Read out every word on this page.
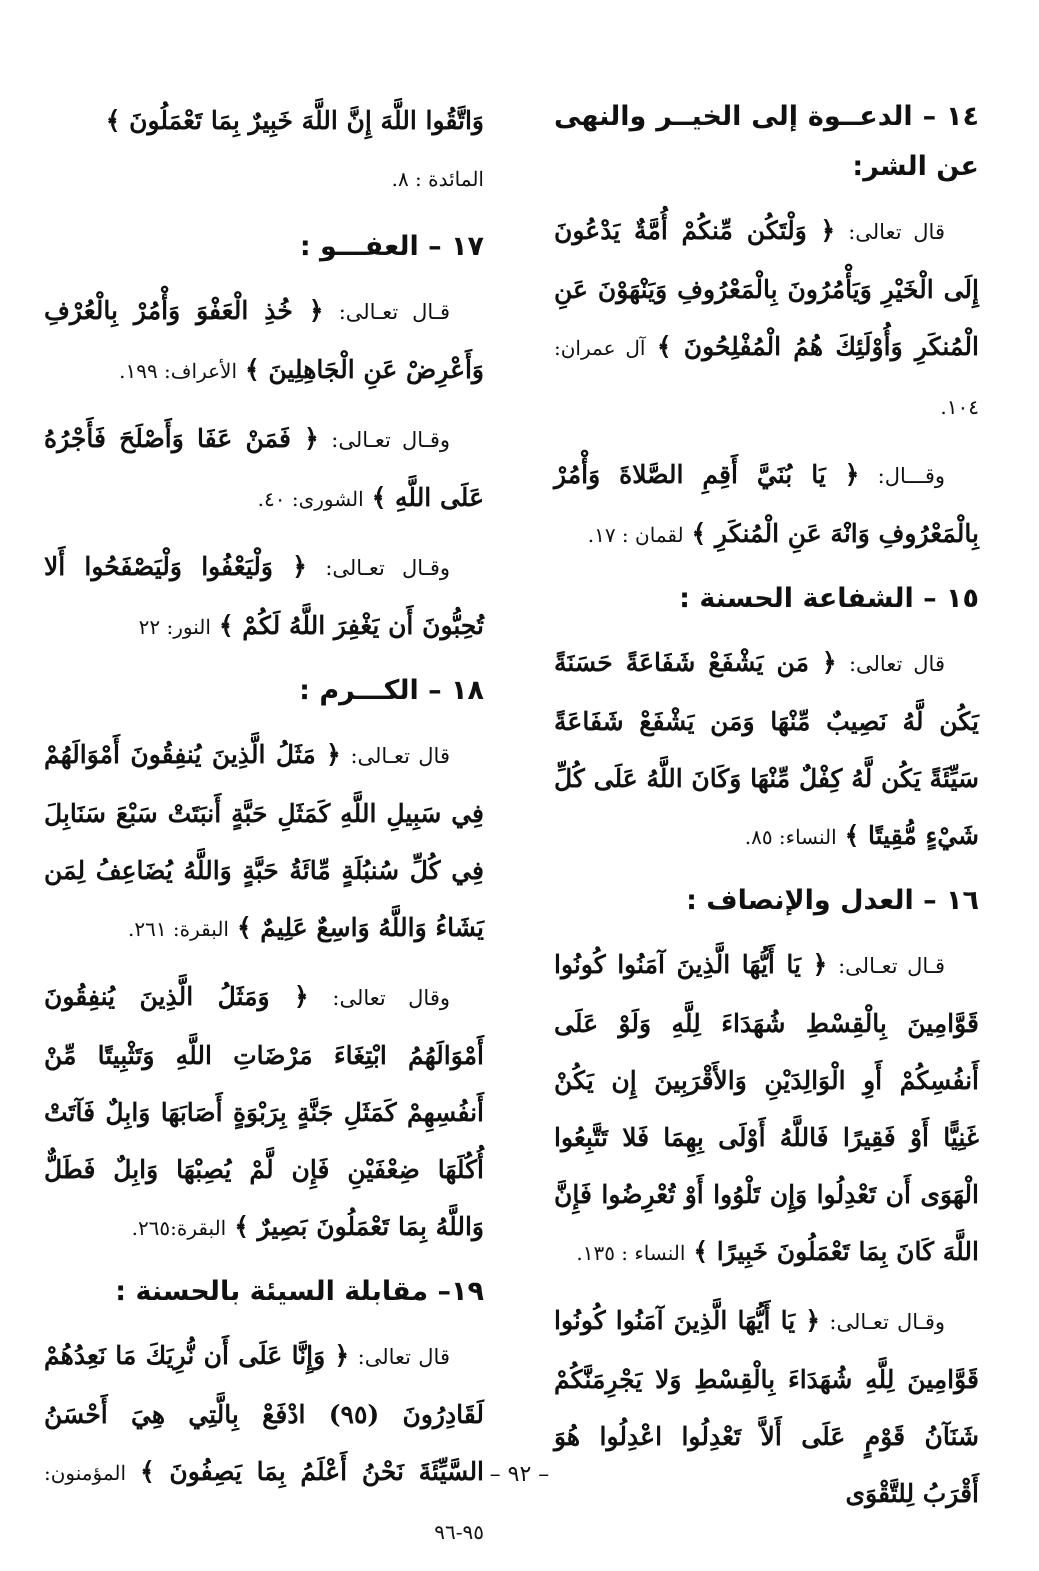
١٤ – الدعــوة إلى الخيــر والنهى عن الشر:

قال تعالى: ﴿ وَلْتَكُن مِّنكُمْ أُمَّةٌ يَدْعُونَ إِلَى الْخَيْرِ وَيَأْمُرُونَ بِالْمَعْرُوفِ وَيَنْهَوْنَ عَنِ الْمُنكَرِ وَأُوْلَئِكَ هُمُ الْمُفْلِحُونَ ﴾ آل عمران: ١٠٤.

وقـــال: ﴿ يَا بُنَيَّ أَقِمِ الصَّلاةَ وَأْمُرْ بِالْمَعْرُوفِ وَانْهَ عَنِ الْمُنكَرِ ﴾ لقمان : ١٧.

١٥ – الشفاعة الحسنة :

قال تعالى: ﴿ مَن يَشْفَعْ شَفَاعَةً حَسَنَةً يَكُن لَّهُ نَصِيبٌ مِّنْهَا وَمَن يَشْفَعْ شَفَاعَةً سَيِّئَةً يَكُن لَّهُ كِفْلٌ مِّنْهَا وَكَانَ اللَّهُ عَلَى كُلِّ شَيْءٍ مُّقِيتًا ﴾ النساء: ٨٥.

١٦ – العدل والإنصاف :

قـال تعـالى: ﴿ يَا أَيُّهَا الَّذِينَ آمَنُوا كُونُوا قَوَّامِينَ بِالْقِسْطِ شُهَدَاءَ لِلَّهِ وَلَوْ عَلَى أَنفُسِكُمْ أَوِ الْوَالِدَيْنِ وَالأَقْرَبِينَ إِن يَكُنْ غَنِيًّا أَوْ فَقِيرًا فَاللَّهُ أَوْلَى بِهِمَا فَلا تَتَّبِعُوا الْهَوَى أَن تَعْدِلُوا وَإِن تَلْوُوا أَوْ تُعْرِضُوا فَإِنَّ اللَّهَ كَانَ بِمَا تَعْمَلُونَ خَبِيرًا ﴾ النساء : ١٣٥.

وقـال تعـالى: ﴿ يَا أَيُّهَا الَّذِينَ آمَنُوا كُونُوا قَوَّامِينَ لِلَّهِ شُهَدَاءَ بِالْقِسْطِ وَلا يَجْرِمَنَّكُمْ شَنَآنُ قَوْمٍ عَلَى أَلاَّ تَعْدِلُوا اعْدِلُوا هُوَ أَقْرَبُ لِلتَّقْوَى

وَاتَّقُوا اللَّهَ إِنَّ اللَّهَ خَبِيرٌ بِمَا تَعْمَلُونَ ﴾
المائدة : ٨.

١٧ – العفـــو :

قـال تعـالى: ﴿ خُذِ الْعَفْوَ وَأْمُرْ بِالْعُرْفِ وَأَعْرِضْ عَنِ الْجَاهِلِينَ ﴾ الأعراف: ١٩٩.

وقـال تعـالى: ﴿ فَمَنْ عَفَا وَأَصْلَحَ فَأَجْرُهُ عَلَى اللَّهِ ﴾ الشورى: ٤٠.

وقـال تعـالى: ﴿ وَلْيَعْفُوا وَلْيَصْفَحُوا أَلا تُحِبُّونَ أَن يَغْفِرَ اللَّهُ لَكُمْ ﴾ النور: ٢٢

١٨ – الكـــرم :

قال تعـالى: ﴿ مَثَلُ الَّذِينَ يُنفِقُونَ أَمْوَالَهُمْ فِي سَبِيلِ اللَّهِ كَمَثَلِ حَبَّةٍ أَنبَتَتْ سَبْعَ سَنَابِلَ فِي كُلِّ سُنبُلَةٍ مِّائَةُ حَبَّةٍ وَاللَّهُ يُضَاعِفُ لِمَن يَشَاءُ وَاللَّهُ وَاسِعٌ عَلِيمٌ ﴾ البقرة: ٢٦١.

وقال تعالى: ﴿ وَمَثَلُ الَّذِينَ يُنفِقُونَ أَمْوَالَهُمُ ابْتِغَاءَ مَرْضَاتِ اللَّهِ وَتَثْبِيتًا مِّنْ أَنفُسِهِمْ كَمَثَلِ جَنَّةٍ بِرَبْوَةٍ أَصَابَهَا وَابِلٌ فَآتَتْ أُكُلَهَا ضِعْفَيْنِ فَإِن لَّمْ يُصِبْهَا وَابِلٌ فَطَلٌّ وَاللَّهُ بِمَا تَعْمَلُونَ بَصِيرٌ ﴾ البقرة:٢٦٥.

١٩– مقابلة السيئة بالحسنة :

قال تعالى: ﴿ وَإِنَّا عَلَى أَن نُّرِيَكَ مَا نَعِدُهُمْ لَقَادِرُونَ (٩٥) ادْفَعْ بِالَّتِي هِيَ أَحْسَنُ السَّيِّئَةَ نَحْنُ أَعْلَمُ بِمَا يَصِفُونَ ﴾ المؤمنون: ٩٥-٩٦

– ٩٢ –
